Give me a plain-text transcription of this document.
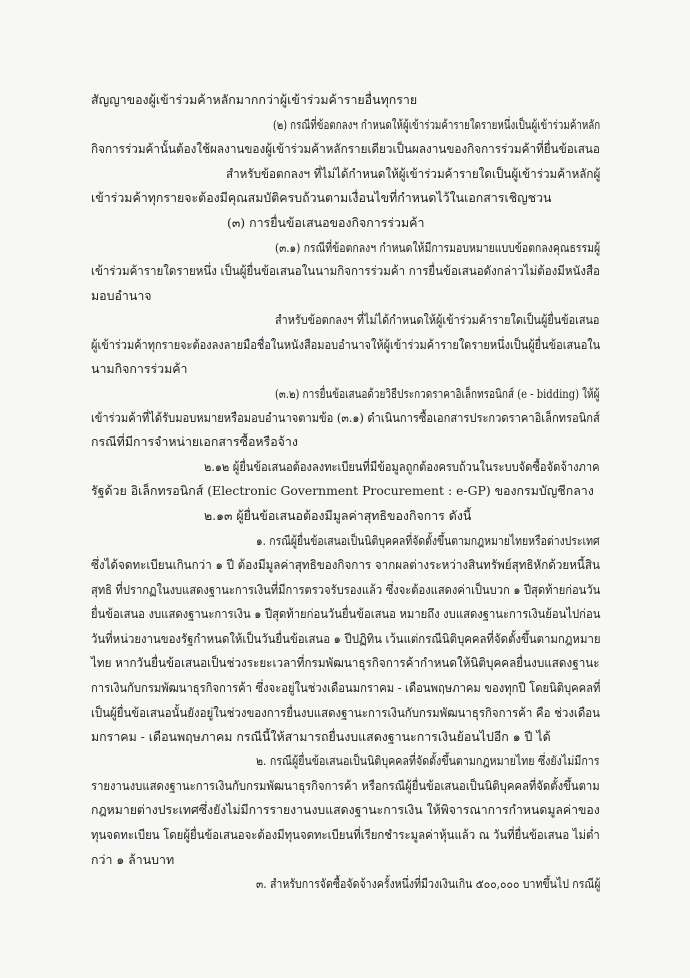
สัญญาของผู้เข้าร่วมค้าหลักมากกว่าผู้เข้าร่วมค้ารายอื่นทุกราย
(๒) กรณีที่ข้อตกลงฯ กำหนดให้ผู้เข้าร่วมค้ารายใดรายหนึ่งเป็นผู้เข้าร่วมค้าหลัก
กิจการร่วมค้านั้นต้องใช้ผลงานของผู้เข้าร่วมค้าหลักรายเดียวเป็นผลงานของกิจการร่วมค้าที่ยื่นข้อเสนอ
สำหรับข้อตกลงฯ ที่ไม่ได้กำหนดให้ผู้เข้าร่วมค้ารายใดเป็นผู้เข้าร่วมค้าหลักผู้
เข้าร่วมค้าทุกรายจะต้องมีคุณสมบัติครบถ้วนตามเงื่อนไขที่กำหนดไว้ในเอกสารเชิญชวน
(๓) การยื่นข้อเสนอของกิจการร่วมค้า
(๓.๑) กรณีที่ข้อตกลงฯ กำหนดให้มีการมอบหมายแบบข้อตกลงคุณธรรมผู้
เข้าร่วมค้ารายใดรายหนึ่ง เป็นผู้ยื่นข้อเสนอในนามกิจการร่วมค้า การยื่นข้อเสนอดังกล่าวไม่ต้องมีหนังสือ
มอบอำนาจ
สำหรับข้อตกลงฯ ที่ไม่ได้กำหนดให้ผู้เข้าร่วมค้ารายใดเป็นผู้ยื่นข้อเสนอ
ผู้เข้าร่วมค้าทุกรายจะต้องลงลายมือชื่อในหนังสือมอบอำนาจให้ผู้เข้าร่วมค้ารายใดรายหนึ่งเป็นผู้ยื่นข้อเสนอใน
นามกิจการร่วมค้า
(๓.๒) การยื่นข้อเสนอด้วยวิธีประกวดราคาอิเล็กทรอนิกส์ (e - bidding) ให้ผู้
เข้าร่วมค้าที่ได้รับมอบหมายหรือมอบอำนาจตามข้อ (๓.๑) ดำเนินการซื้อเอกสารประกวดราคาอิเล็กทรอนิกส์
กรณีที่มีการจำหน่ายเอกสารซื้อหรือจ้าง
๒.๑๒ ผู้ยื่นข้อเสนอต้องลงทะเบียนที่มีข้อมูลถูกต้องครบถ้วนในระบบจัดซื้อจัดจ้างภาค
รัฐด้วย อิเล็กทรอนิกส์ (Electronic Government Procurement : e-GP) ของกรมบัญชีกลาง
๒.๑๓ ผู้ยื่นข้อเสนอต้องมีมูลค่าสุทธิของกิจการ ดังนี้
๑. กรณีผู้ยื่นข้อเสนอเป็นนิติบุคคลที่จัดตั้งขึ้นตามกฎหมายไทยหรือต่างประเทศ
ซึ่งได้จดทะเบียนเกินกว่า ๑ ปี ต้องมีมูลค่าสุทธิของกิจการ จากผลต่างระหว่างสินทรัพย์สุทธิหักด้วยหนี้สิน
สุทธิ ที่ปรากฏในงบแสดงฐานะการเงินที่มีการตรวจรับรองแล้ว ซึ่งจะต้องแสดงค่าเป็นบวก ๑ ปีสุดท้ายก่อนวัน
ยื่นข้อเสนอ งบแสดงฐานะการเงิน ๑ ปีสุดท้ายก่อนวันยื่นข้อเสนอ หมายถึง งบแสดงฐานะการเงินย้อนไปก่อน
วันที่หน่วยงานของรัฐกำหนดให้เป็นวันยื่นข้อเสนอ ๑ ปีปฏิทิน เว้นแต่กรณีนิติบุคคลที่จัดตั้งขึ้นตามกฎหมาย
ไทย หากวันยื่นข้อเสนอเป็นช่วงระยะเวลาที่กรมพัฒนาธุรกิจการค้ากำหนดให้นิติบุคคลยื่นงบแสดงฐานะ
การเงินกับกรมพัฒนาธุรกิจการค้า ซึ่งจะอยู่ในช่วงเดือนมกราคม - เดือนพฤษภาคม ของทุกปี โดยนิติบุคคลที่
เป็นผู้ยื่นข้อเสนอนั้นยังอยู่ในช่วงของการยื่นงบแสดงฐานะการเงินกับกรมพัฒนาธุรกิจการค้า คือ ช่วงเดือน
มกราคม - เดือนพฤษภาคม กรณีนี้ให้สามารถยื่นงบแสดงฐานะการเงินย้อนไปอีก ๑ ปี ได้
๒. กรณีผู้ยื่นข้อเสนอเป็นนิติบุคคลที่จัดตั้งขึ้นตามกฎหมายไทย ซึ่งยังไม่มีการ
รายงานงบแสดงฐานะการเงินกับกรมพัฒนาธุรกิจการค้า หรือกรณีผู้ยื่นข้อเสนอเป็นนิติบุคคลที่จัดตั้งขึ้นตาม
กฎหมายต่างประเทศซึ่งยังไม่มีการรายงานงบแสดงฐานะการเงิน ให้พิจารณาการกำหนดมูลค่าของ
ทุนจดทะเบียน โดยผู้ยื่นข้อเสนอจะต้องมีทุนจดทะเบียนที่เรียกชำระมูลค่าหุ้นแล้ว ณ วันที่ยื่นข้อเสนอ ไม่ต่ำ
กว่า ๑ ล้านบาท
๓. สำหรับการจัดซื้อจัดจ้างครั้งหนึ่งที่มีวงเงินเกิน ๕๐๐,๐๐๐ บาทขึ้นไป กรณีผู้
